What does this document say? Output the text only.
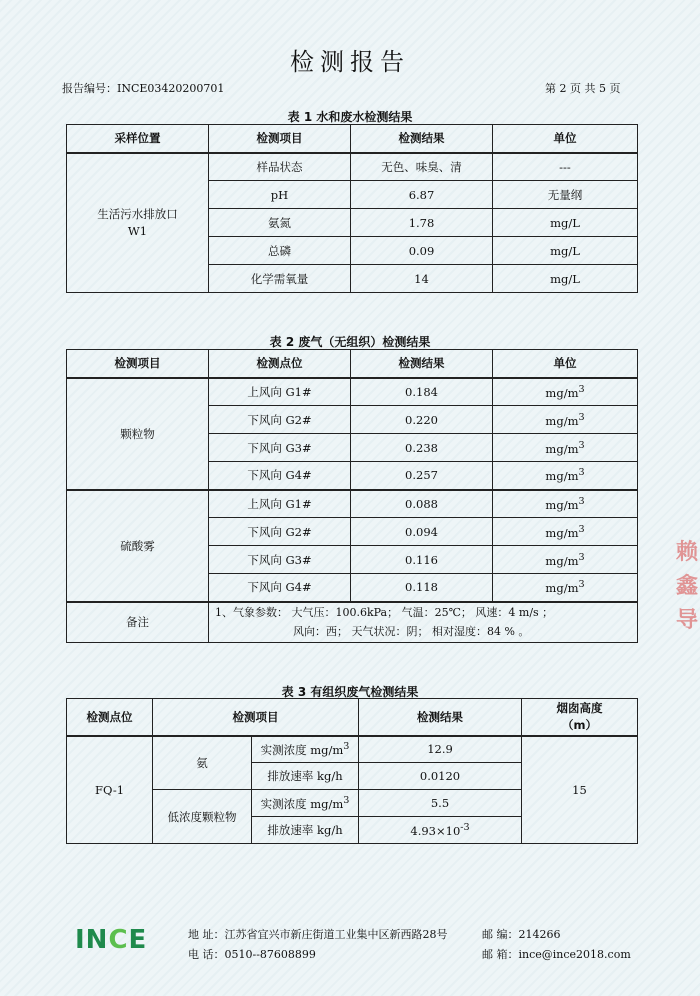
检测报告
报告编号：INCE03420200701	第 2 页 共 5 页
表 1 水和废水检测结果
采样位置	检测项目	检测结果	单位
生活污水排放口
W1	样品状态	无色、味臭、清	---
	pH	6.87	无量纲
	氨氮	1.78	mg/L
	总磷	0.09	mg/L
	化学需氧量	14	mg/L
表 2 废气（无组织）检测结果
检测项目	检测点位	检测结果	单位
颗粒物	上风向 G1#	0.184	$mg/m^3$
	下风向 G2#	0.220	$mg/m^3$
	下风向 G3#	0.238	$mg/m^3$
	下风向 G4#	0.257	$mg/m^3$
硫酸雾	上风向 G1#	0.088	$mg/m^3$
	下风向 G2#	0.094	$mg/m^3$
	下风向 G3#	0.116	$mg/m^3$
	下风向 G4#	0.118	$mg/m^3$
备注	1、气象参数： 大气压：100.6kPa； 气温：25℃； 风速：4 m/s ；
风向：西； 天气状况：阴； 相对湿度：84 % 。		
表 3 有组织废气检测结果
检测点位	检测项目		检测结果	烟囱高度
（m）
FQ-1	氨	实测浓度 $mg/m^3$	12.9	15
		排放速率 kg/h	0.0120	
	低浓度颗粒物	实测浓度 $mg/m^3$	5.5	
		排放速率 kg/h	$4.93\times 10^{-3}$
赖
鑫
导
INCE	地 址：江苏省宜兴市新庄街道工业集中区新西路28号	邮 编：214266
电 话：0510--87608899	邮 箱：ince@ince2018.com
